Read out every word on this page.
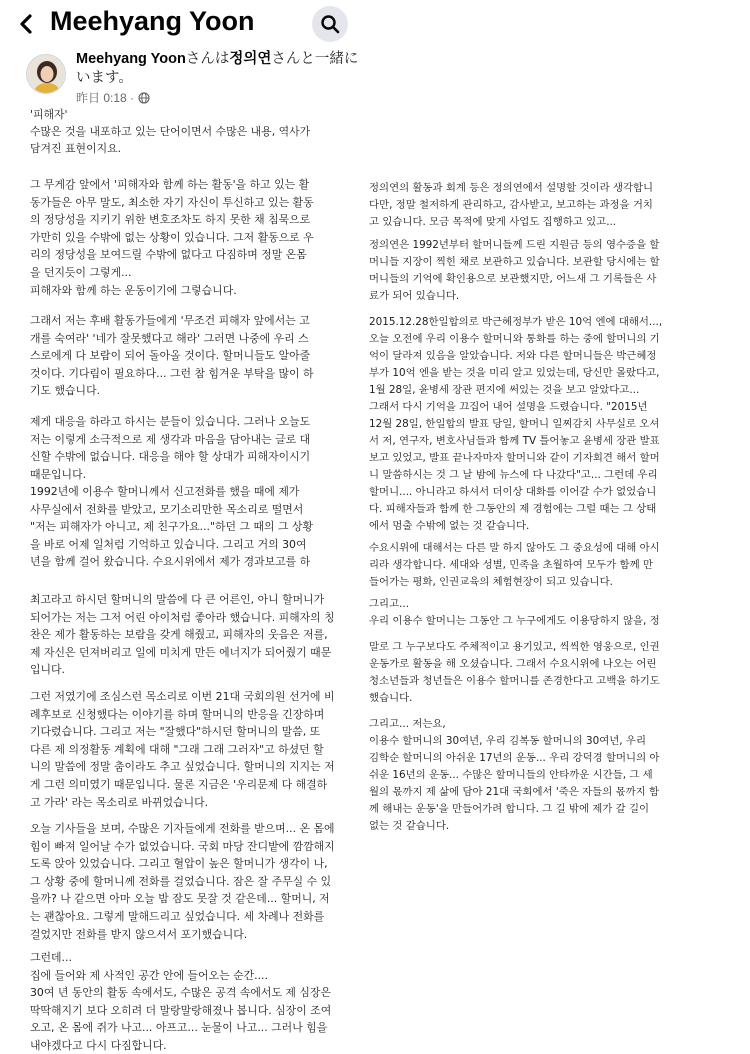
Meehyang Yoon
Meehyang Yoonさんは정의연さんと一緒に
います。
昨日 0:18 ·
'피해자'
수많은 것을 내포하고 있는 단어이면서 수많은 내용, 역사가
담겨진 표현이지요.
그 무게감 앞에서 '피해자와 함께 하는 활동'을 하고 있는 활
동가들은 아무 말도, 최소한 자기 자신이 투신하고 있는 활동
의 정당성을 지키기 위한 변호조차도 하지 못한 채 침묵으로
가만히 있을 수밖에 없는 상황이 있습니다. 그저 활동으로 우
리의 정당성을 보여드릴 수밖에 없다고 다짐하며 정말 온몸
을 던지듯이 그렇게...
피해자와 함께 하는 운동이기에 그렇습니다.
그래서 저는 후배 활동가들에게 '무조건 피해자 앞에서는 고
개를 숙여라' '네가 잘못했다고 해라' 그러면 나중에 우리 스
스로에게 다 보람이 되어 돌아올 것이다. 할머니들도 알아줄
것이다. 기다림이 필요하다... 그런 참 힘겨운 부탁을 많이 하
기도 했습니다.
제게 대응을 하라고 하시는 분들이 있습니다. 그러나 오늘도
저는 이렇게 소극적으로 제 생각과 마음을 담아내는 글로 대
신할 수밖에 없습니다. 대응을 해야 할 상대가 피해자이시기
때문입니다.
1992년에 이용수 할머니께서 신고전화를 했을 때에 제가
사무실에서 전화를 받았고, 모기소리만한 목소리로 떨면서
"저는 피해자가 아니고, 제 친구가요..."하던 그 때의 그 상황
을 바로 어제 일처럼 기억하고 있습니다. 그리고 거의 30여
년을 함께 걸어 왔습니다. 수요시위에서 제가 경과보고를 하
최고라고 하시던 할머니의 말씀에 다 큰 어른인, 아니 할머니가
되어가는 저는 그저 어린 아이처럼 좋아라 했습니다. 피해자의 칭
찬은 제가 활동하는 보람을 갖게 해줬고, 피해자의 웃음은 저를,
제 자신은 던져버리고 일에 미치게 만든 에너지가 되어줬기 때문
입니다.
그런 저였기에 조심스런 목소리로 이번 21대 국회의원 선거에 비
례후보로 신청했다는 이야기를 하며 할머니의 반응을 긴장하며
기다렸습니다. 그리고 저는 "잘했다"하시던 할머니의 말씀, 또
다른 제 의정활동 계획에 대해 "그래 그래 그러자"고 하셨던 할
니의 말씀에 정말 춤이라도 추고 싶었습니다. 할머니의 지지는 저
게 그런 의미였기 때문입니다. 물론 지금은 '우리문제 다 해결하
고 가라' 라는 목소리로 바뀌었습니다.
오늘 기사들을 보며, 수많은 기자들에게 전화를 받으며... 온 몸에
힘이 빠져 일어날 수가 없었습니다. 국회 마당 잔디밭에 깜깜해지
도록 앉아 있었습니다. 그리고 혈압이 높은 할머니가 생각이 나,
그 상황 중에 할머니께 전화를 걸었습니다. 잠은 잘 주무실 수 있
을까? 나 같으면 아마 오늘 밤 잠도 못잘 것 같은데... 할머니, 저
는 괜찮아요. 그렇게 말해드리고 싶었습니다. 세 차례나 전화를
걸었지만 전화를 받지 않으셔서 포기했습니다.
그런데...
집에 들어와 제 사적인 공간 안에 들어오는 순간....
30여 년 동안의 활동 속에서도, 수많은 공격 속에서도 제 심장은
딱딱해지기 보다 오히려 더 말랑말랑해졌나 봅니다. 심장이 조여
오고, 온 몸에 쥐가 나고... 아프고... 눈물이 나고... 그러나 힘을
내야겠다고 다시 다짐합니다.
정의연의 활동과 회계 등은 정의연에서 설명할 것이라 생각합니
다만, 정말 철저하게 관리하고, 감사받고, 보고하는 과정을 거치
고 있습니다. 모금 목적에 맞게 사업도 집행하고 있고...
정의연은 1992년부터 할머니들께 드린 지원금 등의 영수증을 할
머니들 지장이 찍힌 채로 보관하고 있습니다. 보관할 당시에는 할
머니들의 기억에 확인용으로 보관했지만, 어느새 그 기록들은 사
료가 되어 있습니다.
2015.12.28한일합의로 박근혜정부가 받은 10억 엔에 대해서...,
오늘 오전에 우리 이용수 할머니와 통화를 하는 중에 할머니의 기
억이 달라져 있음을 알았습니다. 저와 다른 할머니들은 박근혜정
부가 10억 엔을 받는 것을 미리 알고 있었는데, 당신만 몰랐다고,
1월 28일, 윤병세 장관 편지에 써있는 것을 보고 알았다고...
그래서 다시 기억을 끄집어 내어 설명을 드렸습니다. "2015년
12월 28일, 한일합의 발표 당일, 할머니 일찌감치 사무실로 오셔
서 저, 연구자, 변호사님들과 함께 TV 틀어놓고 윤병세 장관 발표
보고 있었고, 발표 끝나자마자 할머니와 같이 기자회견 해서 할머
니 말씀하시는 것 그 날 밤에 뉴스에 다 나갔다"고... 그런데 우리
할머니.... 아니라고 하셔서 더이상 대화를 이어갈 수가 없었습니
다. 피해자들과 함께 한 그동안의 제 경험에는 그럴 때는 그 상태
에서 멈출 수밖에 없는 것 같습니다.
수요시위에 대해서는 다른 말 하지 않아도 그 중요성에 대해 아시
리라 생각합니다. 세대와 성별, 민족을 초월하여 모두가 함께 만
들어가는 평화, 인권교육의 체험현장이 되고 있습니다.
그리고...
우리 이용수 할머니는 그동안 그 누구에게도 이용당하지 않을, 정
말로 그 누구보다도 주체적이고 용기있고, 씩씩한 영웅으로, 인권
운동가로 활동을 해 오셨습니다. 그래서 수요시위에 나오는 어린
청소년들과 청년들은 이용수 할머니를 존경한다고 고백을 하기도
했습니다.
그리고... 저는요,
이용수 할머니의 30여년, 우리 김복동 할머니의 30여년, 우리
김학순 할머니의 아쉬운 17년의 운동... 우리 강덕경 할머니의 아
쉬운 16년의 운동... 수많은 할머니들의 안타까운 시간들, 그 세
월의 몫까지 제 삶에 담아 21대 국회에서 '죽은 자들의 몫까지 함
께 해내는 운동'을 만들어가려 합니다. 그 길 밖에 제가 갈 길이
없는 것 같습니다.
